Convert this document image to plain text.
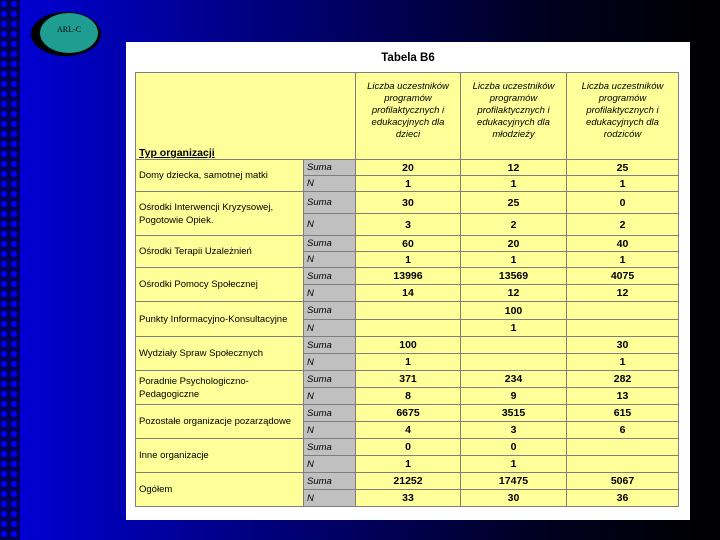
ARL-C
Tabela B6
Typ organizacji		Liczba uczestników programów profilaktycznych i edukacyjnych dla dzieci	Liczba uczestników programów profilaktycznych i edukacyjnych dla młodzieży	Liczba uczestników programów profilaktycznych i edukacyjnych dla rodziców
Domy dziecka, samotnej matki	Suma	20	12	25
	N	1	1	1
Ośrodki Interwencji Kryzysowej, Pogotowie Opiek.	Suma	30	25	0
	N	3	2	2
Ośrodki Terapii Uzależnień	Suma	60	20	40
	N	1	1	1
Ośrodki Pomocy Społecznej	Suma	13996	13569	4075
	N	14	12	12
Punkty Informacyjno-Konsultacyjne	Suma		100	
	N		1	
Wydziały Spraw Społecznych	Suma	100		30
	N	1		1
Poradnie Psychologiczno-Pedagogiczne	Suma	371	234	282
	N	8	9	13
Pozostałe organizacje pozarządowe	Suma	6675	3515	615
	N	4	3	6
Inne organizacje	Suma	0	0	
	N	1	1	
Ogółem	Suma	21252	17475	5067
	N	33	30	36
